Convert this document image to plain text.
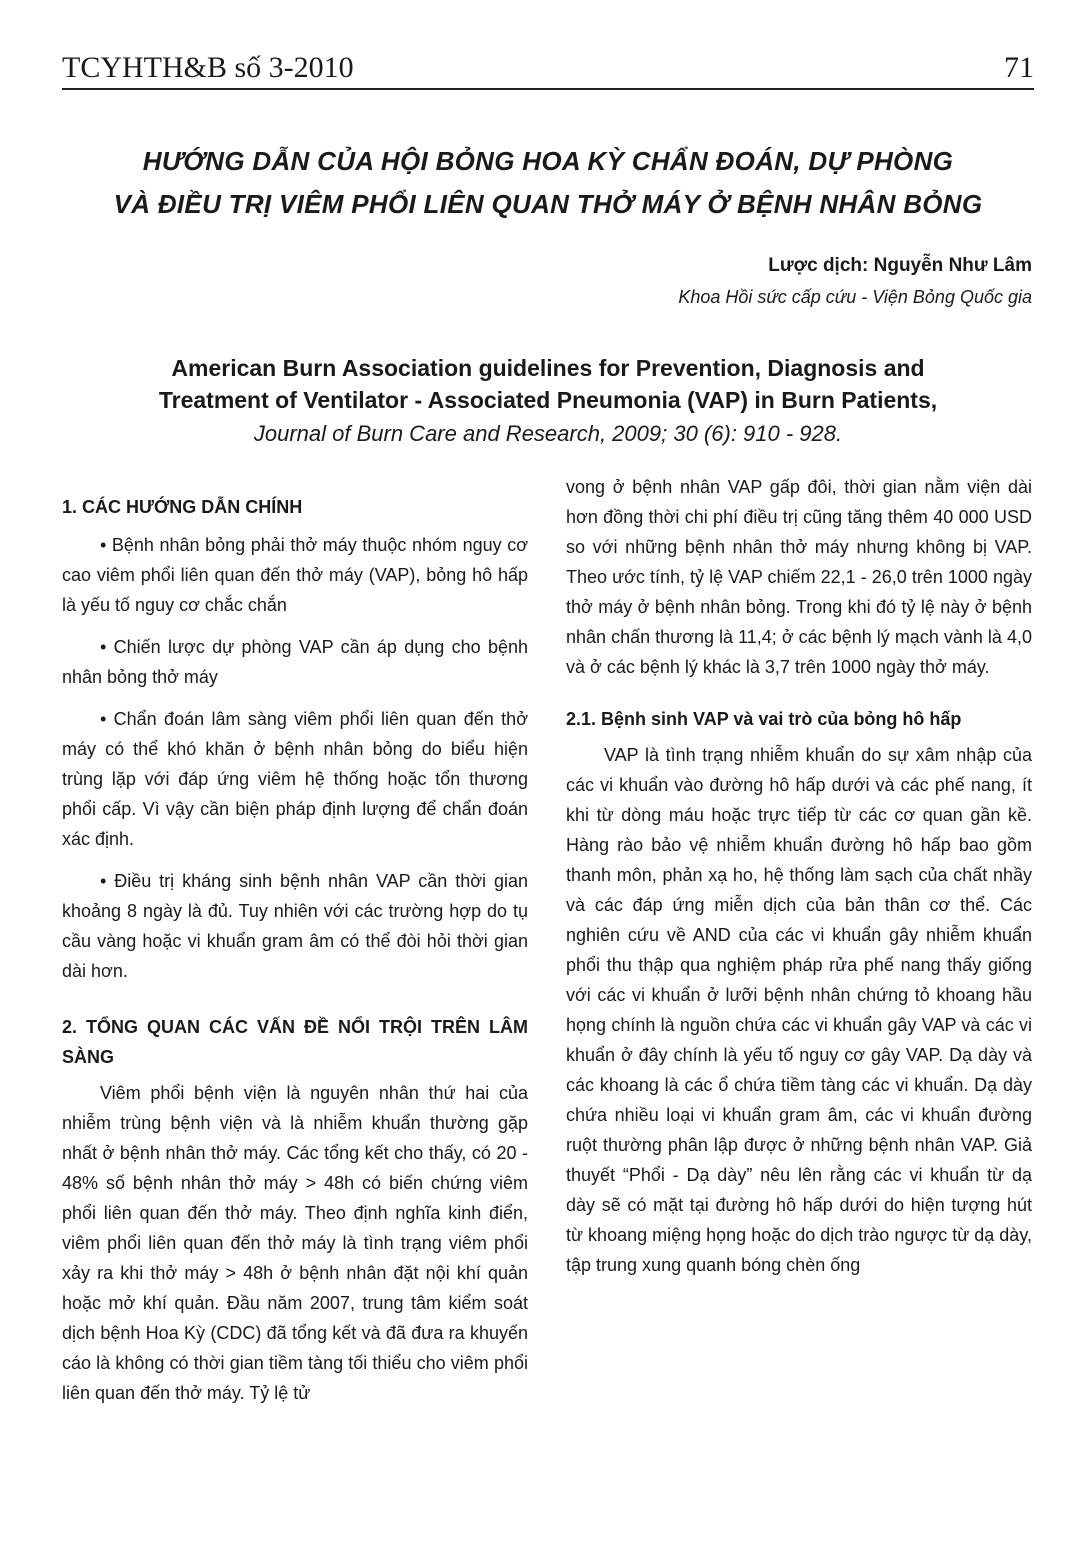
TCYHTH&B số 3-2010	71
HƯỚNG DẪN CỦA HỘI BỎNG HOA KỲ CHẨN ĐOÁN, DỰ PHÒNG
VÀ ĐIỀU TRỊ VIÊM PHỔI LIÊN QUAN THỞ MÁY Ở BỆNH NHÂN BỎNG
Lược dịch: Nguyễn Như Lâm
Khoa Hồi sức cấp cứu - Viện Bỏng Quốc gia
American Burn Association guidelines for Prevention, Diagnosis and
Treatment of Ventilator - Associated Pneumonia (VAP) in Burn Patients,
Journal of Burn Care and Research, 2009; 30 (6): 910 - 928.
1. CÁC HƯỚNG DẪN CHÍNH

• Bệnh nhân bỏng phải thở máy thuộc nhóm nguy cơ cao viêm phổi liên quan đến thở máy (VAP), bỏng hô hấp là yếu tố nguy cơ chắc chắn

• Chiến lược dự phòng VAP cần áp dụng cho bệnh nhân bỏng thở máy

• Chẩn đoán lâm sàng viêm phổi liên quan đến thở máy có thể khó khăn ở bệnh nhân bỏng do biểu hiện trùng lặp với đáp ứng viêm hệ thống hoặc tổn thương phổi cấp. Vì vậy cần biện pháp định lượng để chẩn đoán xác định.

• Điều trị kháng sinh bệnh nhân VAP cần thời gian khoảng 8 ngày là đủ. Tuy nhiên với các trường hợp do tụ cầu vàng hoặc vi khuẩn gram âm có thể đòi hỏi thời gian dài hơn.

2. TỔNG QUAN CÁC VẤN ĐỀ NỔI TRỘI TRÊN LÂM SÀNG

Viêm phổi bệnh viện là nguyên nhân thứ hai của nhiễm trùng bệnh viện và là nhiễm khuẩn thường gặp nhất ở bệnh nhân thở máy. Các tổng kết cho thấy, có 20 - 48% số bệnh nhân thở máy > 48h có biến chứng viêm phổi liên quan đến thở máy. Theo định nghĩa kinh điển, viêm phổi liên quan đến thở máy là tình trạng viêm phổi xảy ra khi thở máy > 48h ở bệnh nhân đặt nội khí quản hoặc mở khí quản. Đầu năm 2007, trung tâm kiểm soát dịch bệnh Hoa Kỳ (CDC) đã tổng kết và đã đưa ra khuyến cáo là không có thời gian tiềm tàng tối thiểu cho viêm phổi liên quan đến thở máy. Tỷ lệ tử

vong ở bệnh nhân VAP gấp đôi, thời gian nằm viện dài hơn đồng thời chi phí điều trị cũng tăng thêm 40 000 USD so với những bệnh nhân thở máy nhưng không bị VAP. Theo ước tính, tỷ lệ VAP chiếm 22,1 - 26,0 trên 1000 ngày thở máy ở bệnh nhân bỏng. Trong khi đó tỷ lệ này ở bệnh nhân chấn thương là 11,4; ở các bệnh lý mạch vành là 4,0 và ở các bệnh lý khác là 3,7 trên 1000 ngày thở máy.

2.1. Bệnh sinh VAP và vai trò của bỏng hô hấp

VAP là tình trạng nhiễm khuẩn do sự xâm nhập của các vi khuẩn vào đường hô hấp dưới và các phế nang, ít khi từ dòng máu hoặc trực tiếp từ các cơ quan gần kề. Hàng rào bảo vệ nhiễm khuẩn đường hô hấp bao gồm thanh môn, phản xạ ho, hệ thống làm sạch của chất nhầy và các đáp ứng miễn dịch của bản thân cơ thể. Các nghiên cứu về AND của các vi khuẩn gây nhiễm khuẩn phổi thu thập qua nghiệm pháp rửa phế nang thấy giống với các vi khuẩn ở lưỡi bệnh nhân chứng tỏ khoang hầu họng chính là nguồn chứa các vi khuẩn gây VAP và các vi khuẩn ở đây chính là yếu tố nguy cơ gây VAP. Dạ dày và các khoang là các ổ chứa tiềm tàng các vi khuẩn. Dạ dày chứa nhiều loại vi khuẩn gram âm, các vi khuẩn đường ruột thường phân lập được ở những bệnh nhân VAP. Giả thuyết “Phổi - Dạ dày” nêu lên rằng các vi khuẩn từ dạ dày sẽ có mặt tại đường hô hấp dưới do hiện tượng hút từ khoang miệng họng hoặc do dịch trào ngược từ dạ dày, tập trung xung quanh bóng chèn ống
